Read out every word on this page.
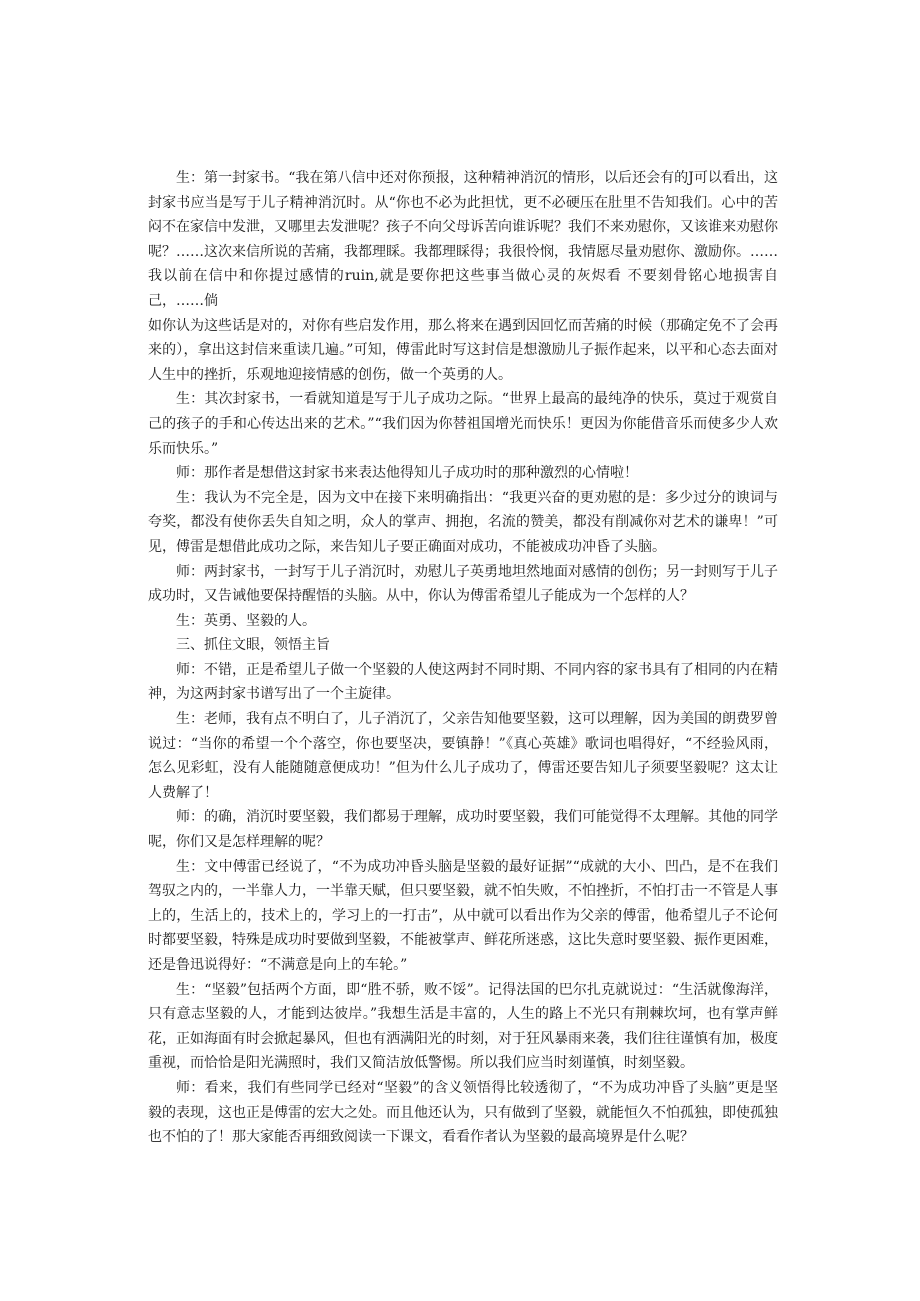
生：第一封家书。“我在第八信中还对你预报，这种精神消沉的情形，以后还会有的J可以看出，这封家书应当是写于儿子精神消沉时。从“你也不必为此担忧，更不必硬压在肚里不告知我们。心中的苦闷不在家信中发泄，又哪里去发泄呢？孩子不向父母诉苦向谁诉呢？我们不来劝慰你，又该谁来劝慰你呢？……这次来信所说的苦痛，我都理睬。我都理睬得；我很怜悯，我情愿尽量劝慰你、激励你。……我以前在信中和你提过感情的ruin,就是要你把这些事当做心灵的灰烬看 不要刻骨铭心地损害自己，……倘

如你认为这些话是对的，对你有些启发作用，那么将来在遇到因回忆而苦痛的时候（那确定免不了会再来的），拿出这封信来重读几遍。”可知，傅雷此时写这封信是想激励儿子振作起来，以平和心态去面对人生中的挫折，乐观地迎接情感的创伤，做一个英勇的人。

生：其次封家书，一看就知道是写于儿子成功之际。“世界上最高的最纯净的快乐，莫过于观赏自己的孩子的手和心传达出来的艺术。”“我们因为你替祖国增光而快乐！更因为你能借音乐而使多少人欢乐而快乐。”

师：那作者是想借这封家书来表达他得知儿子成功时的那种激烈的心情啦！

生：我认为不完全是，因为文中在接下来明确指出：“我更兴奋的更劝慰的是：多少过分的谀词与夸奖，都没有使你丢失自知之明，众人的掌声、拥抱，名流的赞美，都没有削减你对艺术的谦卑！”可见，傅雷是想借此成功之际，来告知儿子要正确面对成功，不能被成功冲昏了头脑。

师：两封家书，一封写于儿子消沉时，劝慰儿子英勇地坦然地面对感情的创伤；另一封则写于儿子成功时，又告诫他要保持醒悟的头脑。从中，你认为傅雷希望儿子能成为一个怎样的人？

生：英勇、坚毅的人。

三、抓住文眼，领悟主旨

师：不错，正是希望儿子做一个坚毅的人使这两封不同时期、不同内容的家书具有了相同的内在精神，为这两封家书谱写出了一个主旋律。

生：老师，我有点不明白了，儿子消沉了，父亲告知他要坚毅，这可以理解，因为美国的朗费罗曾说过：“当你的希望一个个落空，你也要坚决，要镇静！”《真心英雄》歌词也唱得好，“不经验风雨，怎么见彩虹，没有人能随随意便成功！”但为什么儿子成功了，傅雷还要告知儿子须要坚毅呢？这太让人费解了！

师：的确，消沉时要坚毅，我们都易于理解，成功时要坚毅，我们可能觉得不太理解。其他的同学呢，你们又是怎样理解的呢？

生：文中傅雷已经说了，“不为成功冲昏头脑是坚毅的最好证据”“成就的大小、凹凸，是不在我们驾驭之内的，一半靠人力，一半靠天赋，但只要坚毅，就不怕失败，不怕挫折，不怕打击一不管是人事上的，生活上的，技术上的，学习上的一打击”，从中就可以看出作为父亲的傅雷，他希望儿子不论何时都要坚毅，特殊是成功时要做到坚毅，不能被掌声、鲜花所迷惑，这比失意时要坚毅、振作更困难，还是鲁迅说得好：“不满意是向上的车轮。”

生：“坚毅”包括两个方面，即“胜不骄，败不馁”。记得法国的巴尔扎克就说过：“生活就像海洋，只有意志坚毅的人，才能到达彼岸。”我想生活是丰富的，人生的路上不光只有荆棘坎坷，也有掌声鲜花，正如海面有时会掀起暴风，但也有洒满阳光的时刻，对于狂风暴雨来袭，我们往往谨慎有加，极度重视，而恰恰是阳光满照时，我们又简洁放低警惕。所以我们应当时刻谨慎，时刻坚毅。

师：看来，我们有些同学已经对“坚毅”的含义领悟得比较透彻了，“不为成功冲昏了头脑”更是坚毅的表现，这也正是傅雷的宏大之处。而且他还认为，只有做到了坚毅，就能恒久不怕孤独，即使孤独也不怕的了！那大家能否再细致阅读一下课文，看看作者认为坚毅的最高境界是什么呢？
